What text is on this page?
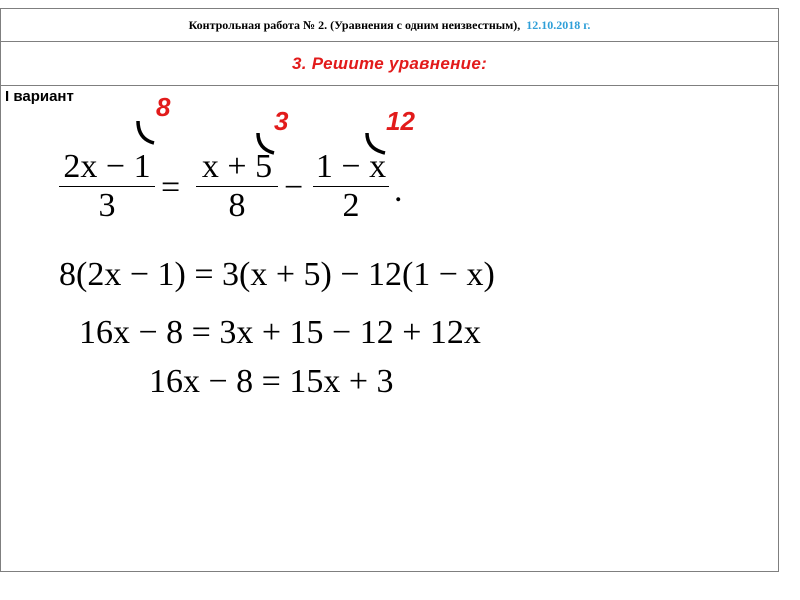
Контрольная работа № 2. (Уравнения с одним неизвестным), 12.10.2018 г.
3. Решите уравнение:
I вариант	8	3	12
2x − 1
3	=
x + 5
8	−
1 − x
2	.
8(2x − 1) = 3(x + 5) − 12(1 − x)
16x − 8 = 3x + 15 − 12 + 12x
16x − 8 = 15x + 3
